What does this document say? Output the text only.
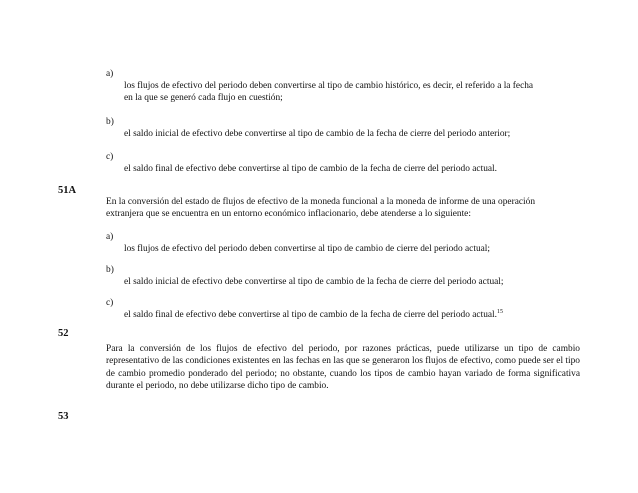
a)
los flujos de efectivo del periodo deben convertirse al tipo de cambio histórico, es decir, el referido a la fecha
en la que se generó cada flujo en cuestión;
b)
el saldo inicial de efectivo debe convertirse al tipo de cambio de la fecha de cierre del periodo anterior;
c)
el saldo final de efectivo debe convertirse al tipo de cambio de la fecha de cierre del periodo actual.
51A
En la conversión del estado de flujos de efectivo de la moneda funcional a la moneda de informe de una operación
extranjera que se encuentra en un entorno económico inflacionario, debe atenderse a lo siguiente:
a)
los flujos de efectivo del periodo deben convertirse al tipo de cambio de cierre del periodo actual;
b)
el saldo inicial de efectivo debe convertirse al tipo de cambio de la fecha de cierre del periodo actual;
c)
el saldo final de efectivo debe convertirse al tipo de cambio de la fecha de cierre del periodo actual.$^{15}$
52
Para la conversión de los flujos de efectivo del periodo, por razones prácticas, puede utilizarse un tipo de cambio representativo de las condiciones existentes en las fechas en las que se generaron los flujos de efectivo, como puede ser el tipo de cambio promedio ponderado del periodo; no obstante, cuando los tipos de cambio hayan variado de forma significativa durante el periodo, no debe utilizarse dicho tipo de cambio.
53
